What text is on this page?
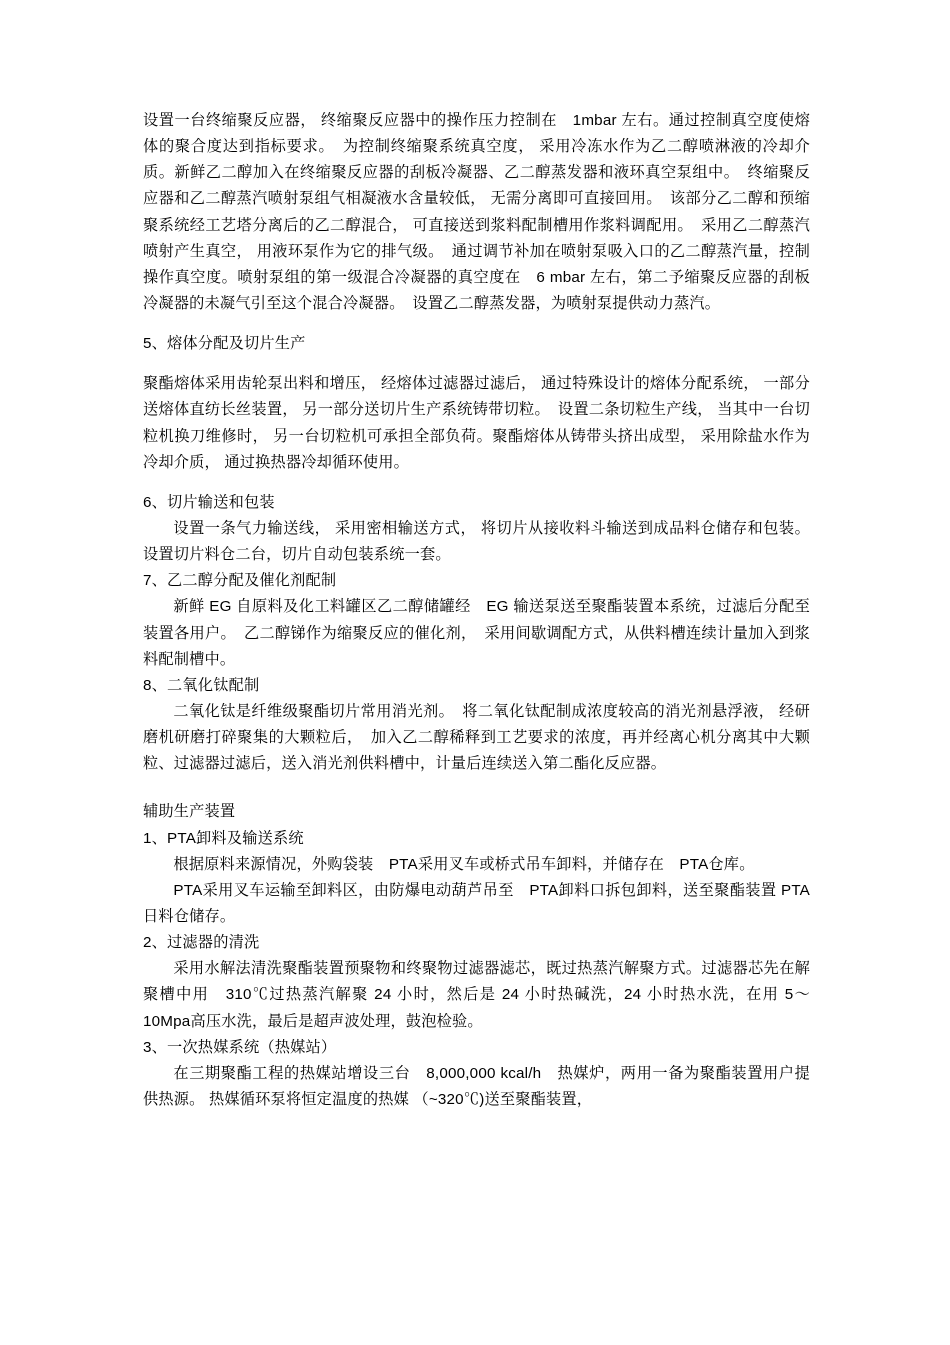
设置一台终缩聚反应器， 终缩聚反应器中的操作压力控制在　1mbar 左右。通过控制真空度使熔体的聚合度达到指标要求。　为控制终缩聚系统真空度， 采用冷冻水作为乙二醇喷淋液的冷却介质。新鲜乙二醇加入在终缩聚反应器的刮板冷凝器、乙二醇蒸发器和液环真空泵组中。　终缩聚反应器和乙二醇蒸汽喷射泵组气相凝液水含量较低， 无需分离即可直接回用。　该部分乙二醇和预缩聚系统经工艺塔分离后的乙二醇混合， 可直接送到浆料配制槽用作浆料调配用。　采用乙二醇蒸汽喷射产生真空， 用液环泵作为它的排气级。　通过调节补加在喷射泵吸入口的乙二醇蒸汽量，控制操作真空度。喷射泵组的第一级混合冷凝器的真空度在　6 mbar 左右，第二予缩聚反应器的刮板冷凝器的未凝气引至这个混合冷凝器。　设置乙二醇蒸发器，为喷射泵提供动力蒸汽。

5、熔体分配及切片生产

聚酯熔体采用齿轮泵出料和增压， 经熔体过滤器过滤后， 通过特殊设计的熔体分配系统， 一部分送熔体直纺长丝装置， 另一部分送切片生产系统铸带切粒。　设置二条切粒生产线， 当其中一台切粒机换刀维修时， 另一台切粒机可承担全部负荷。聚酯熔体从铸带头挤出成型， 采用除盐水作为冷却介质， 通过换热器冷却循环使用。

6、切片输送和包装

设置一条气力输送线， 采用密相输送方式， 将切片从接收料斗输送到成品料仓储存和包装。设置切片料仓二台，切片自动包装系统一套。

7、乙二醇分配及催化剂配制

新鲜 EG 自原料及化工料罐区乙二醇储罐经　EG 输送泵送至聚酯装置本系统，过滤后分配至装置各用户。　乙二醇锑作为缩聚反应的催化剂，　采用间歇调配方式，从供料槽连续计量加入到浆料配制槽中。

8、二氧化钛配制

二氧化钛是纤维级聚酯切片常用消光剂。　将二氧化钛配制成浓度较高的消光剂悬浮液， 经研磨机研磨打碎聚集的大颗粒后，　加入乙二醇稀释到工艺要求的浓度，再并经离心机分离其中大颗粒、过滤器过滤后，送入消光剂供料槽中，计量后连续送入第二酯化反应器。

辅助生产装置

1、PTA卸料及输送系统

根据原料来源情况，外购袋装　PTA采用叉车或桥式吊车卸料，并储存在　PTA仓库。

PTA采用叉车运输至卸料区，由防爆电动葫芦吊至　PTA卸料口拆包卸料，送至聚酯装置 PTA日料仓储存。

2、过滤器的清洗

采用水解法清洗聚酯装置预聚物和终聚物过滤器滤芯，既过热蒸汽解聚方式。过滤器芯先在解聚槽中用　310℃过热蒸汽解聚 24 小时，然后是 24 小时热碱洗，24 小时热水洗，在用 5～10Mpa高压水洗，最后是超声波处理，鼓泡检验。

3、一次热媒系统（热媒站）

在三期聚酯工程的热媒站增设三台　8,000,000 kcal/h　热媒炉，两用一备为聚酯装置用户提供热源。 热媒循环泵将恒定温度的热媒 （~320℃)送至聚酯装置，
